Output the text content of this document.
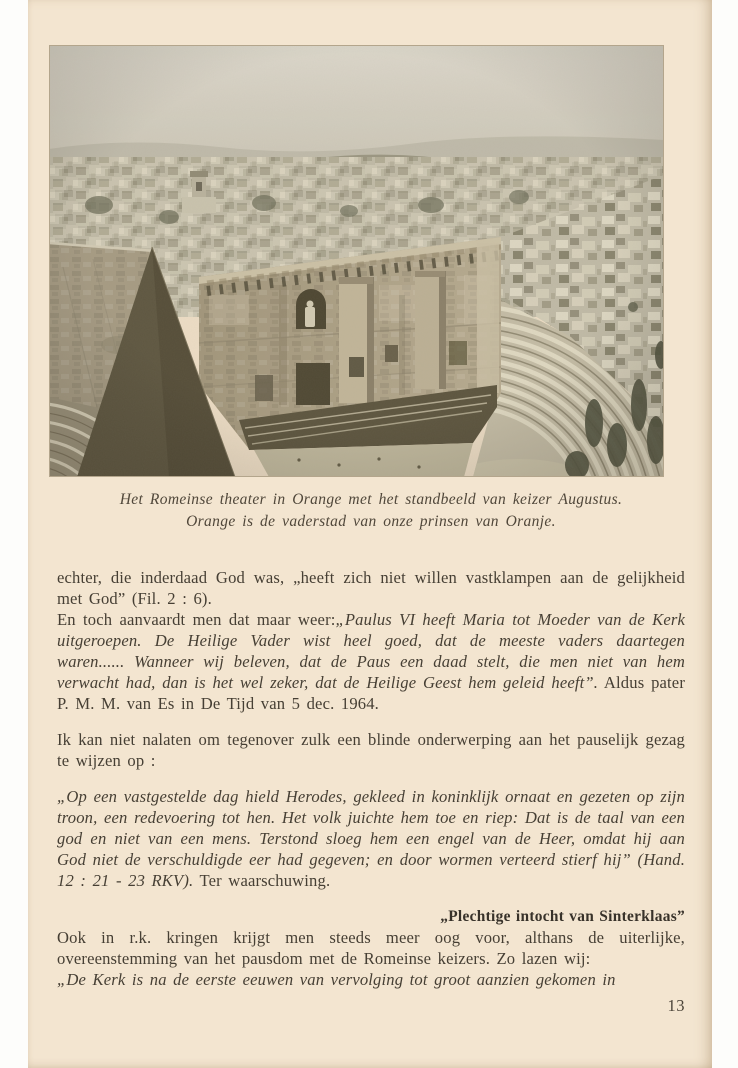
Het Romeinse theater in Orange met het standbeeld van keizer Augustus.
Orange is de vaderstad van onze prinsen van Oranje.

echter, die inderdaad God was, „heeft zich niet willen vastklampen aan de gelijkheid met God” (Fil. 2 : 6).

En toch aanvaardt men dat maar weer:„Paulus VI heeft Maria tot Moeder van de Kerk uitgeroepen. De Heilige Vader wist heel goed, dat de meeste vaders daartegen waren...... Wanneer wij beleven, dat de Paus een daad stelt, die men niet van hem verwacht had, dan is het wel zeker, dat de Heilige Geest hem geleid heeft”. Aldus pater P. M. M. van Es in De Tijd van 5 dec. 1964.

Ik kan niet nalaten om tegenover zulk een blinde onderwerping aan het pauselijk gezag te wijzen op :

„Op een vastgestelde dag hield Herodes, gekleed in koninklijk ornaat en gezeten op zijn troon, een redevoering tot hen. Het volk juichte hem toe en riep: Dat is de taal van een god en niet van een mens. Terstond sloeg hem een engel van de Heer, omdat hij aan God niet de verschuldigde eer had gegeven; en door wormen verteerd stierf hij” (Hand. 12 : 21 - 23 RKV). Ter waarschuwing.

„Plechtige intocht van Sinterklaas”

Ook in r.k. kringen krijgt men steeds meer oog voor, althans de uiterlijke, overeenstemming van het pausdom met de Romeinse keizers. Zo lazen wij:

„De Kerk is na de eerste eeuwen van vervolging tot groot aanzien gekomen in

13
